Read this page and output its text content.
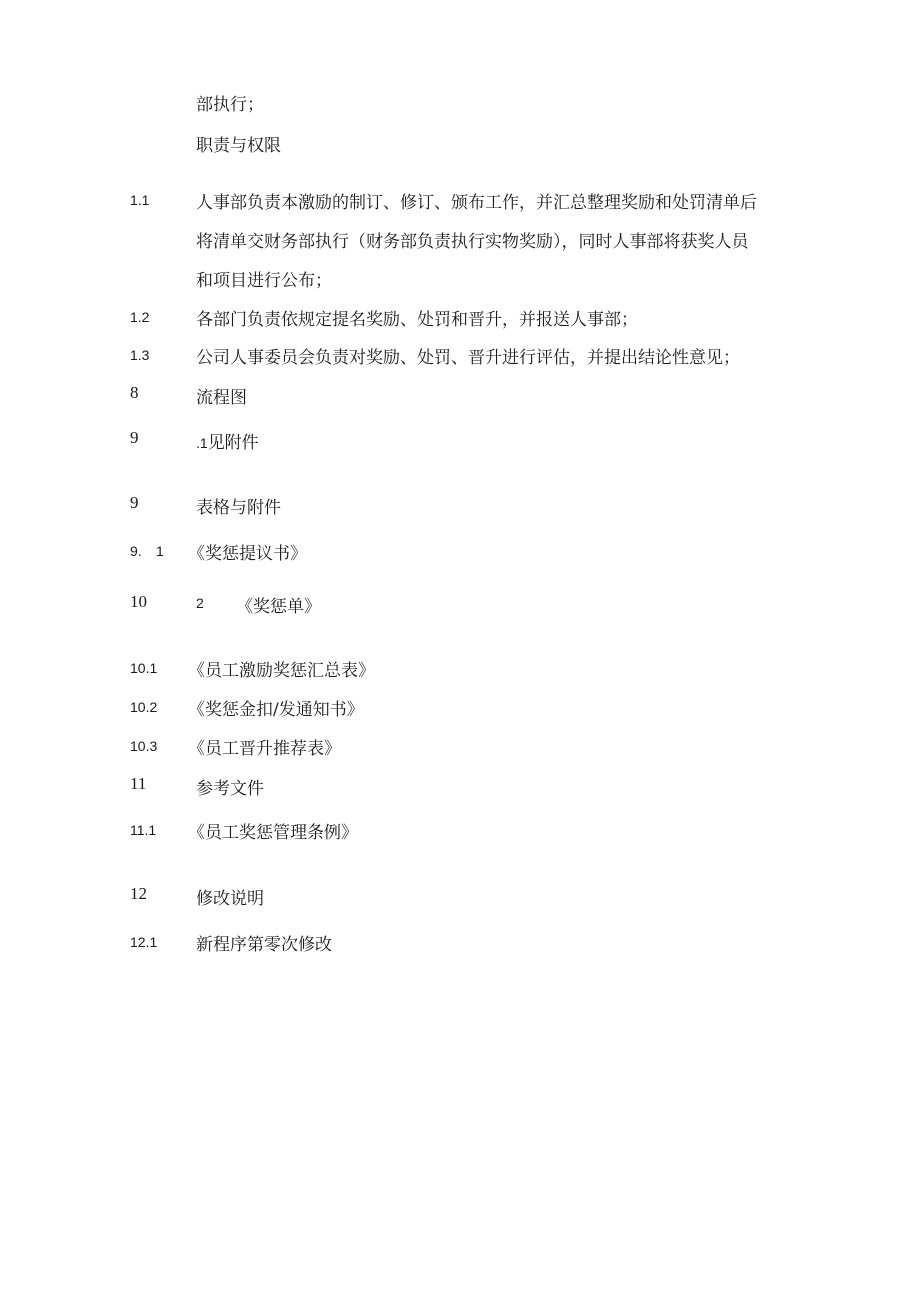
部执行；
职责与权限
1.1	人事部负责本激励的制订、修订、颁布工作，并汇总整理奖励和处罚清单后
将清单交财务部执行（财务部负责执行实物奖励），同时人事部将获奖人员
和项目进行公布；
1.2	各部门负责依规定提名奖励、处罚和晋升，并报送人事部；
1.3	公司人事委员会负责对奖励、处罚、晋升进行评估，并提出结论性意见；
8	流程图
9	.1见附件
9	表格与附件
9. 1 《奖惩提议书》
10	2 《奖惩单》
10.1 《员工激励奖惩汇总表》
10.2 《奖惩金扣/发通知书》
10.3 《员工晋升推荐表》
11	参考文件
11.1 《员工奖惩管理条例》
12	修改说明
12.1 新程序第零次修改
